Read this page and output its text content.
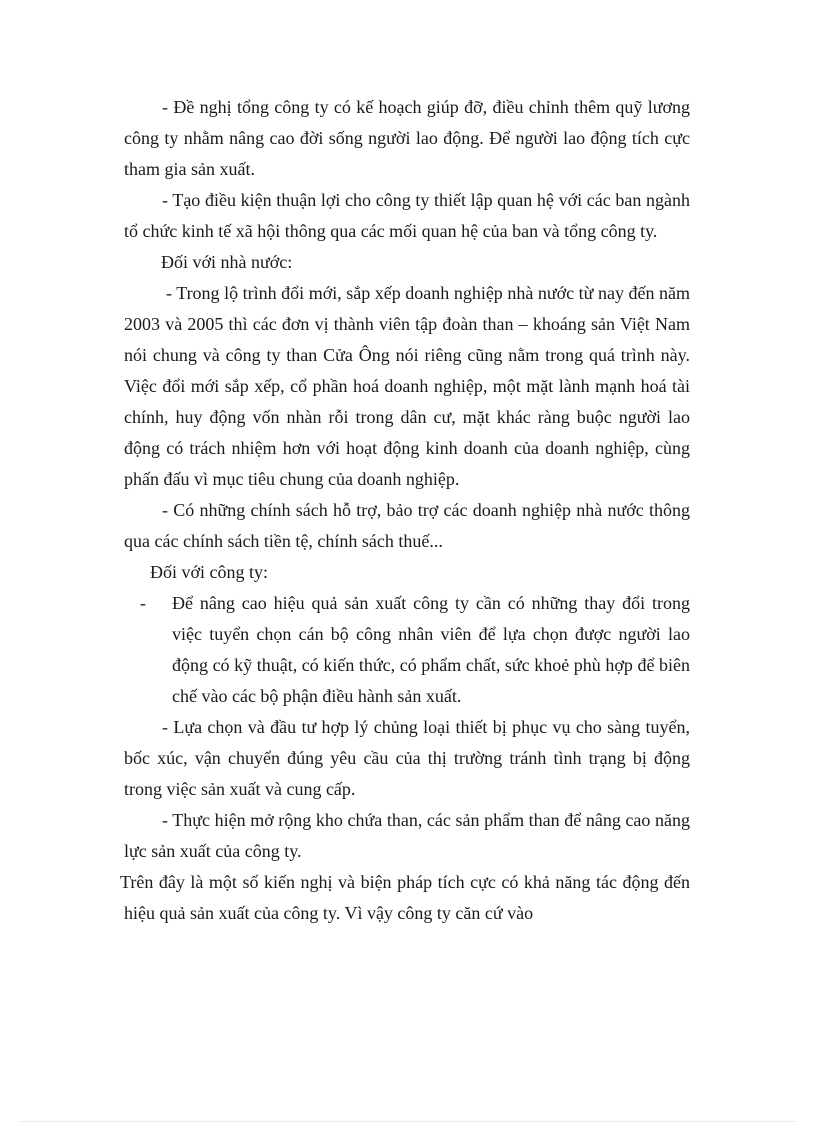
- Đề nghị tổng công ty có kế hoạch giúp đỡ, điều chỉnh thêm quỹ lương công ty nhằm nâng cao đời sống người lao động. Để người lao động tích cực tham gia sản xuất.

- Tạo điều kiện thuận lợi cho công ty thiết lập quan hệ với các ban ngành tổ chức kinh tế xã hội thông qua các mối quan hệ của ban và tổng công ty.

Đối với nhà nước:

- Trong lộ trình đổi mới, sắp xếp doanh nghiệp nhà nước từ nay đến năm 2003 và 2005 thì các đơn vị thành viên tập đoàn than – khoáng sản Việt Nam nói chung và công ty than Cửa Ông nói riêng cũng nằm trong quá trình này. Việc đổi mới sắp xếp, cổ phần hoá doanh nghiệp, một mặt lành mạnh hoá tài chính, huy động vốn nhàn rỗi trong dân cư, mặt khác ràng buộc người lao động có trách nhiệm hơn với hoạt động kinh doanh của doanh nghiệp, cùng phấn đấu vì mục tiêu chung của doanh nghiệp.

- Có những chính sách hỗ trợ, bảo trợ các doanh nghiệp nhà nước thông qua các chính sách tiền tệ, chính sách thuế...

Đối với công ty:

-	Để nâng cao hiệu quả sản xuất công ty cần có những thay đổi trong việc tuyển chọn cán bộ công nhân viên để lựa chọn được người lao động có kỹ thuật, có kiến thức, có phẩm chất, sức khoẻ phù hợp để biên chế vào các bộ phận điều hành sản xuất.

- Lựa chọn và đầu tư hợp lý chủng loại thiết bị phục vụ cho sàng tuyển, bốc xúc, vận chuyển đúng yêu cầu của thị trường tránh tình trạng bị động trong việc sản xuất và cung cấp.

- Thực hiện mở rộng kho chứa than, các sản phẩm than để nâng cao năng lực sản xuất của công ty.

Trên đây là một số kiến nghị và biện pháp tích cực có khả năng tác động đến hiệu quả sản xuất của công ty. Vì vậy công ty căn cứ vào
